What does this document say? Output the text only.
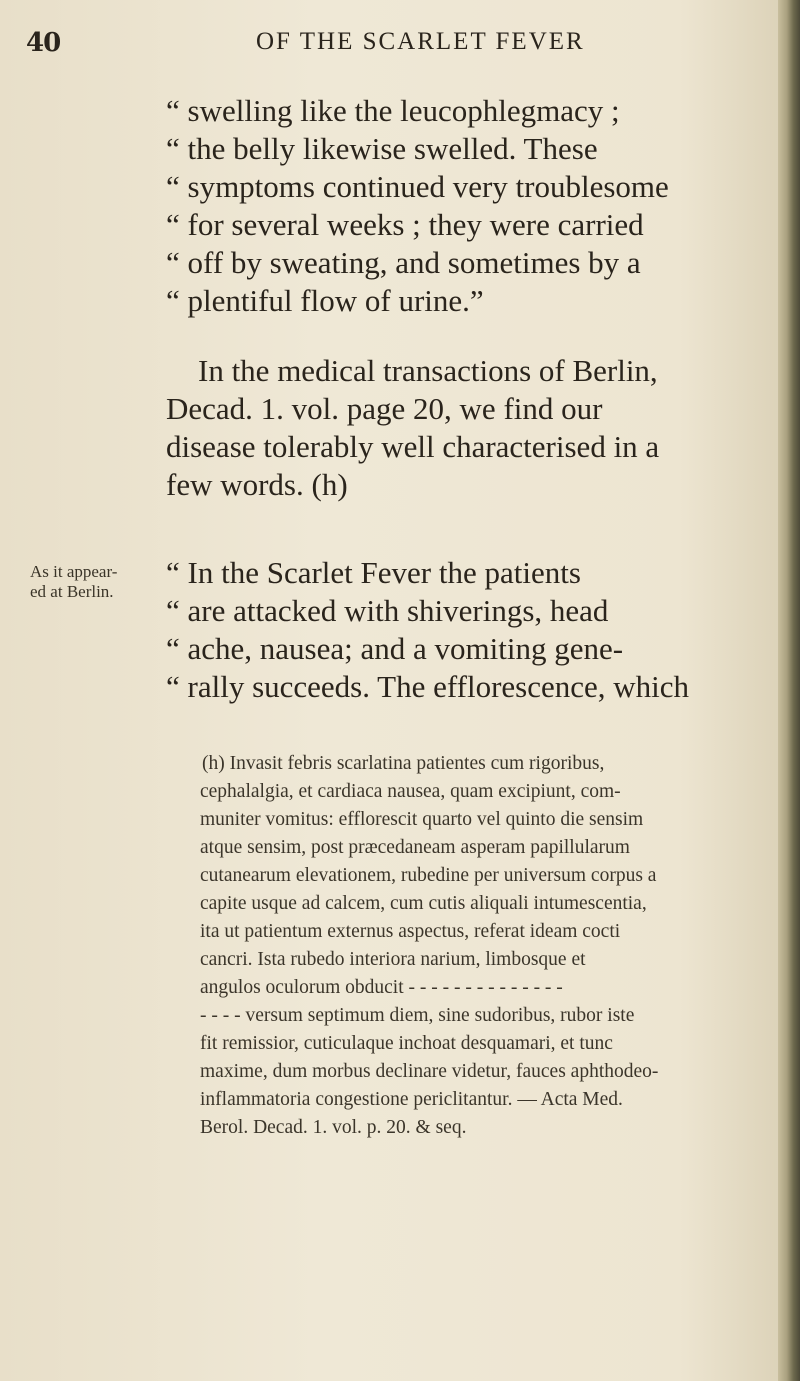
40	OF THE SCARLET FEVER
“ swelling like the leucophlegmacy ;
“ the belly likewise swelled. These
“ symptoms continued very troublesome
“ for several weeks ; they were carried
“ off by sweating, and sometimes by a
“ plentiful flow of urine.”
In the medical transactions of Berlin,
Decad. 1. vol. page 20, we find our
disease tolerably well characterised in a
few words. (h)
As it appear-
ed at Berlin.
“ In the Scarlet Fever the patients
“ are attacked with shiverings, head
“ ache, nausea; and a vomiting gene-
“ rally succeeds. The efflorescence, which
(h) Invasit febris scarlatina patientes cum rigoribus,
cephalalgia, et cardiaca nausea, quam excipiunt, com-
muniter vomitus: efflorescit quarto vel quinto die sensim
atque sensim, post præcedaneam asperam papillularum
cutanearum elevationem, rubedine per universum corpus a
capite usque ad calcem, cum cutis aliquali intumescentia,
ita ut patientum externus aspectus, referat ideam cocti
cancri. Ista rubedo interiora narium, limbosque et
angulos oculorum obducit - - - - - - - - - - - - - -
- - - - versum septimum diem, sine sudoribus, rubor iste
fit remissior, cuticulaque inchoat desquamari, et tunc
maxime, dum morbus declinare videtur, fauces aphthodeo-
inflammatoria congestione periclitantur. — Acta Med.
Berol. Decad. 1. vol. p. 20. & seq.
